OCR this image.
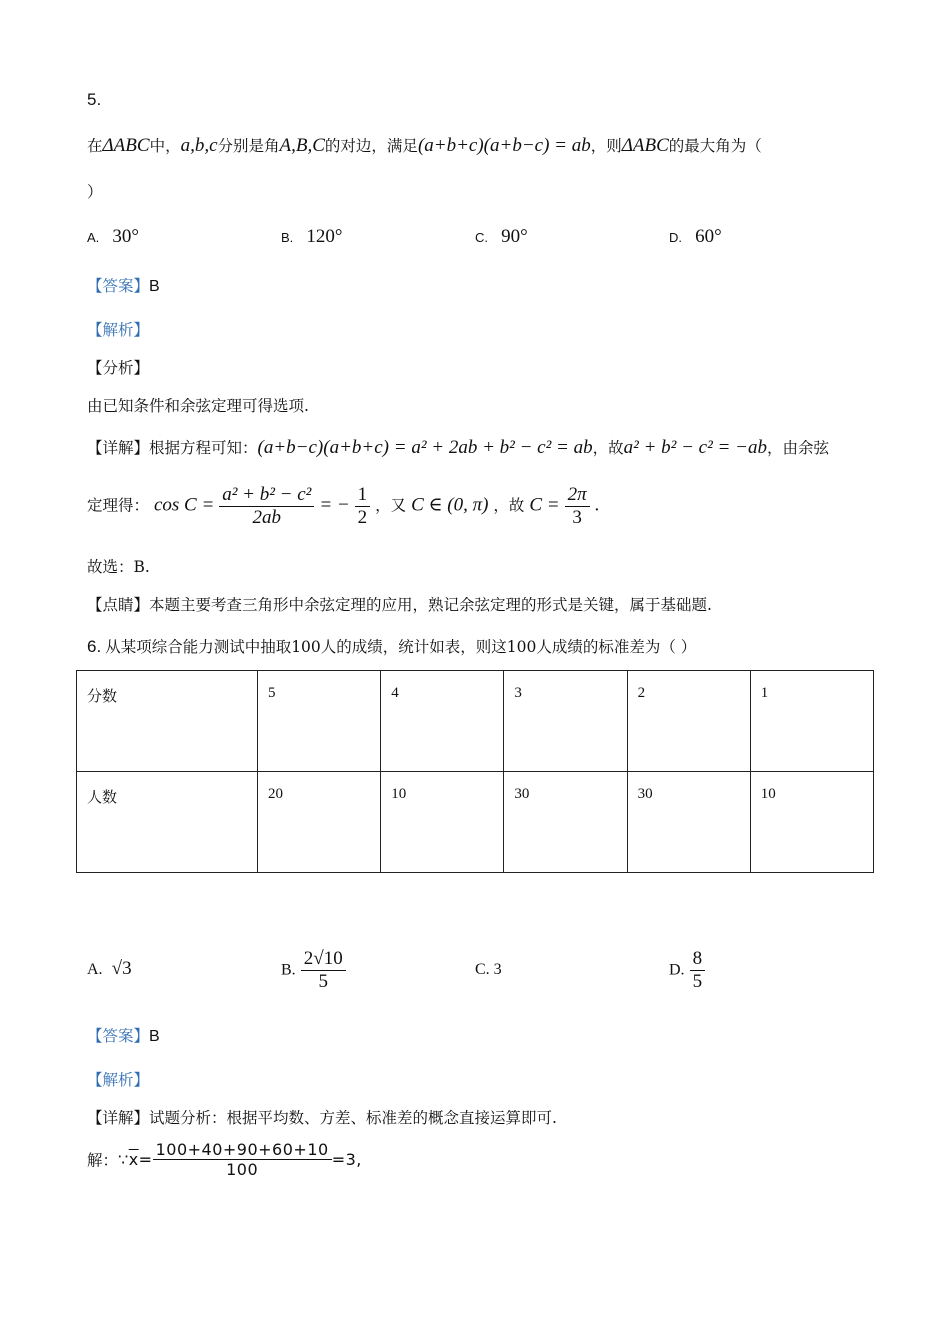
5.
在ΔABC中，a,b,c分别是角A,B,C的对边，满足(a+b+c)(a+b−c) = ab，则ΔABC的最大角为（
）
A. 30°	B. 120°	C. 90°	D. 60°
【答案】B
【解析】
【分析】
由已知条件和余弦定理可得选项.
【详解】根据方程可知：(a+b−c)(a+b+c) = a² + 2ab + b² − c² = ab，故a² + b² − c² = −ab，由余弦
定理得： $\cos C = \frac{\text{a² + b² − c²}}{2ab}$ = − $\frac{1}{2}$ ，又 C ∈ (0, π) ，故 $C = \frac{2\pi}{3}$ .
故选：B.
【点睛】本题主要考查三角形中余弦定理的应用，熟记余弦定理的形式是关键，属于基础题.
6. 从某项综合能力测试中抽取100人的成绩，统计如表，则这100人成绩的标准差为（ ）
分数	5	4	3	2	1
人数	20	10	30	30	10
A. √3	B. $\frac{2√10}{5}$	C. 3	D. $\frac{8}{5}$
【答案】B
【解析】
【详解】试题分析：根据平均数、方差、标准差的概念直接运算即可.
解：$\because\overline{x}= \frac{100+40+90+60+10}{100} =3$,
